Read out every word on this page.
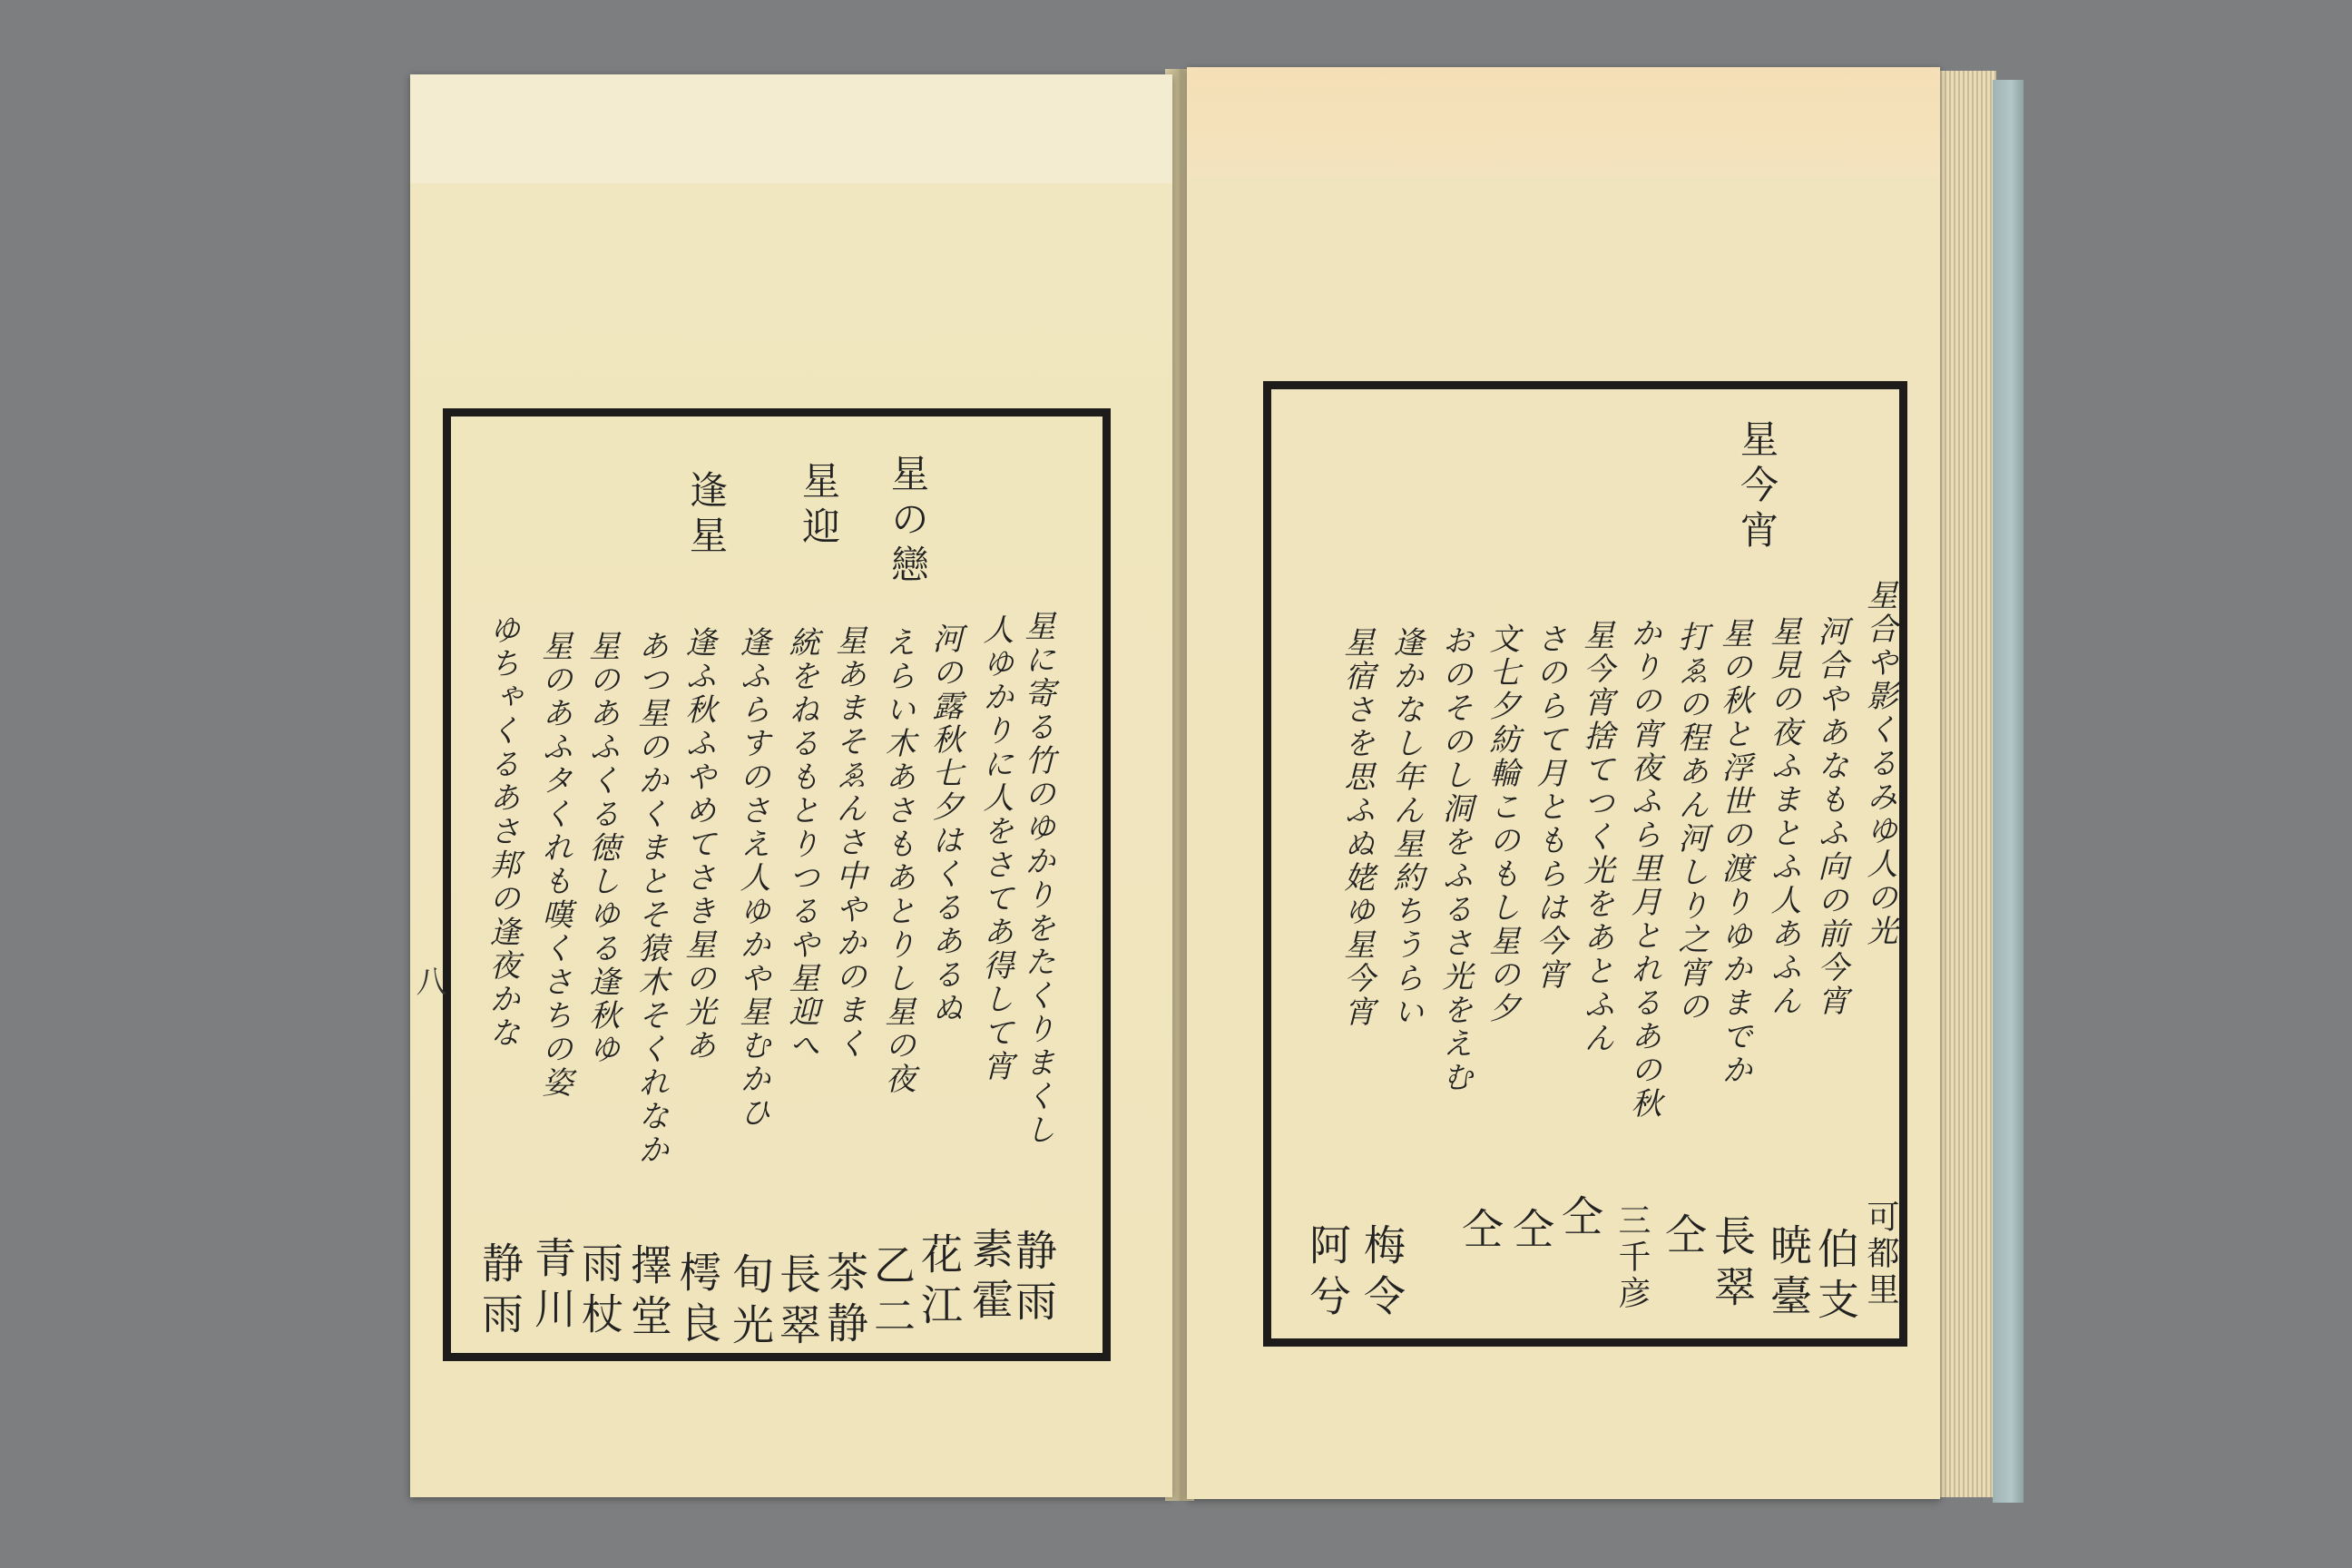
八
星の戀
星迎
逢星
星に寄る竹のゆかりをたくりまくし
人ゆかりに人をさてあ得して宵
河の露秋七夕はくるあるぬ
えらい木あさもあとりし星の夜
星あまそゑんさ中やかのまく
統をねるもとりつるや星迎へ
逢ふらすのさえ人ゆかや星むかひ
逢ふ秋ふやめてさき星の光あ
あつ星のかくまとそ猿木そくれなか
星のあふくる徳しゆる逢秋ゆ
星のあふタくれも嘆くさちの姿
ゆちゃくるあさ邦の逢夜かな
静雨
素霍
花江
乙二
茶静
長翠
旬光
樗良
擇堂
雨杖
青川
静雨
星今宵
星合や影くるみゆ人の光
河合やあなもふ向の前今宵
星見の夜ふまとふ人あふん
星の秋と浮世の渡りゆかまでか
打ゑの程あん河しり之宵の
かりの宵夜ふら里月とれるあの秋
星今宵捨てつく光をあとふん
さのらて月ともらは今宵
文七夕紡輪このもし星の夕
おのそのし洞をふるさ光をえむ
逢かなし年ん星約ちうらい
星宿さを思ふぬ姥ゆ星今宵
可都里
伯支
暁臺
長翠
仝
三千彦
仝
仝
仝
梅令
阿兮
